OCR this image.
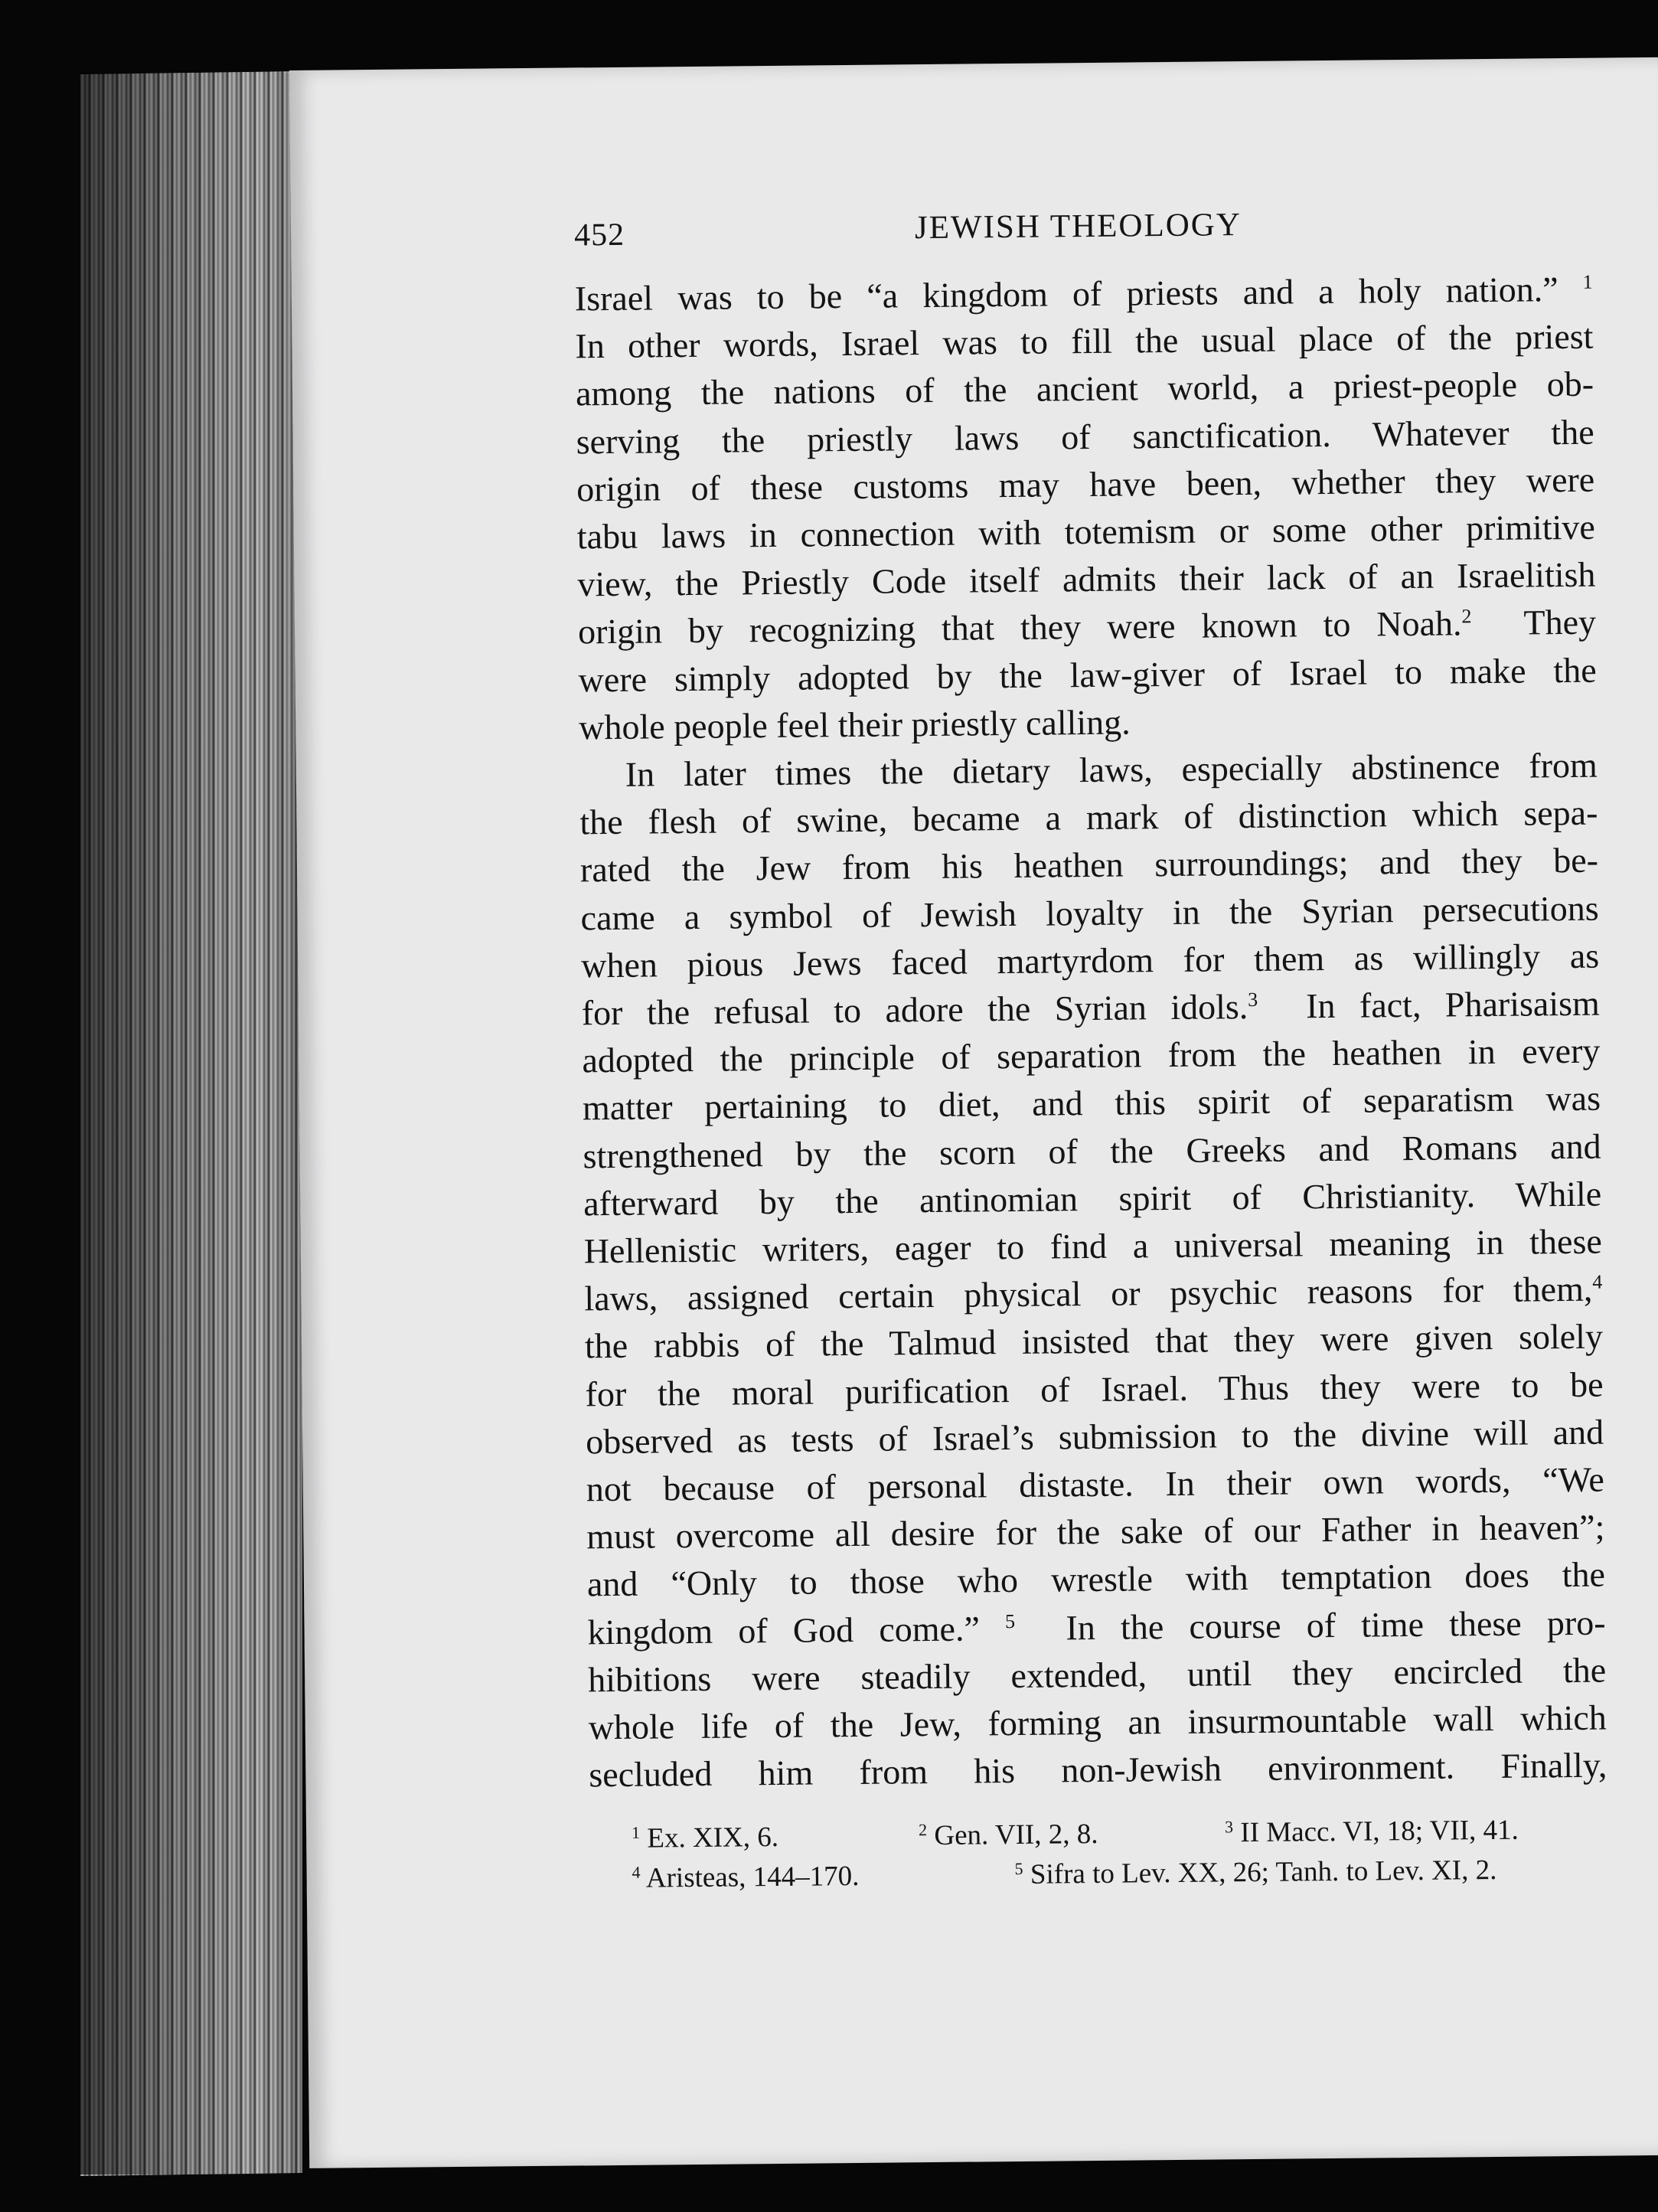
452	JEWISH THEOLOGY

Israel was to be “a kingdom of priests and a holy nation.” $^1$
In other words, Israel was to fill the usual place of the priest
among the nations of the ancient world, a priest-people ob-
serving the priestly laws of sanctification. Whatever the
origin of these customs may have been, whether they were
tabu laws in connection with totemism or some other primitive
view, the Priestly Code itself admits their lack of an Israelitish
origin by recognizing that they were known to Noah.$^2$ They
were simply adopted by the law-giver of Israel to make the
whole people feel their priestly calling.

In later times the dietary laws, especially abstinence from
the flesh of swine, became a mark of distinction which sepa-
rated the Jew from his heathen surroundings; and they be-
came a symbol of Jewish loyalty in the Syrian persecutions
when pious Jews faced martyrdom for them as willingly as
for the refusal to adore the Syrian idols.$^3$ In fact, Pharisaism
adopted the principle of separation from the heathen in every
matter pertaining to diet, and this spirit of separatism was
strengthened by the scorn of the Greeks and Romans and
afterward by the antinomian spirit of Christianity. While
Hellenistic writers, eager to find a universal meaning in these
laws, assigned certain physical or psychic reasons for them,$^4$
the rabbis of the Talmud insisted that they were given solely
for the moral purification of Israel. Thus they were to be
observed as tests of Israel’s submission to the divine will and
not because of personal distaste. In their own words, “We
must overcome all desire for the sake of our Father in heaven”;
and “Only to those who wrestle with temptation does the
kingdom of God come.” $^5$ In the course of time these pro-
hibitions were steadily extended, until they encircled the
whole life of the Jew, forming an insurmountable wall which
secluded him from his non-Jewish environment. Finally,

$^1$ Ex. XIX, 6.	$^2$ Gen. VII, 2, 8.	$^3$ II Macc. VI, 18; VII, 41.
$^4$ Aristeas, 144–170.	$^5$ Sifra to Lev. XX, 26; Tanh. to Lev. XI, 2.
